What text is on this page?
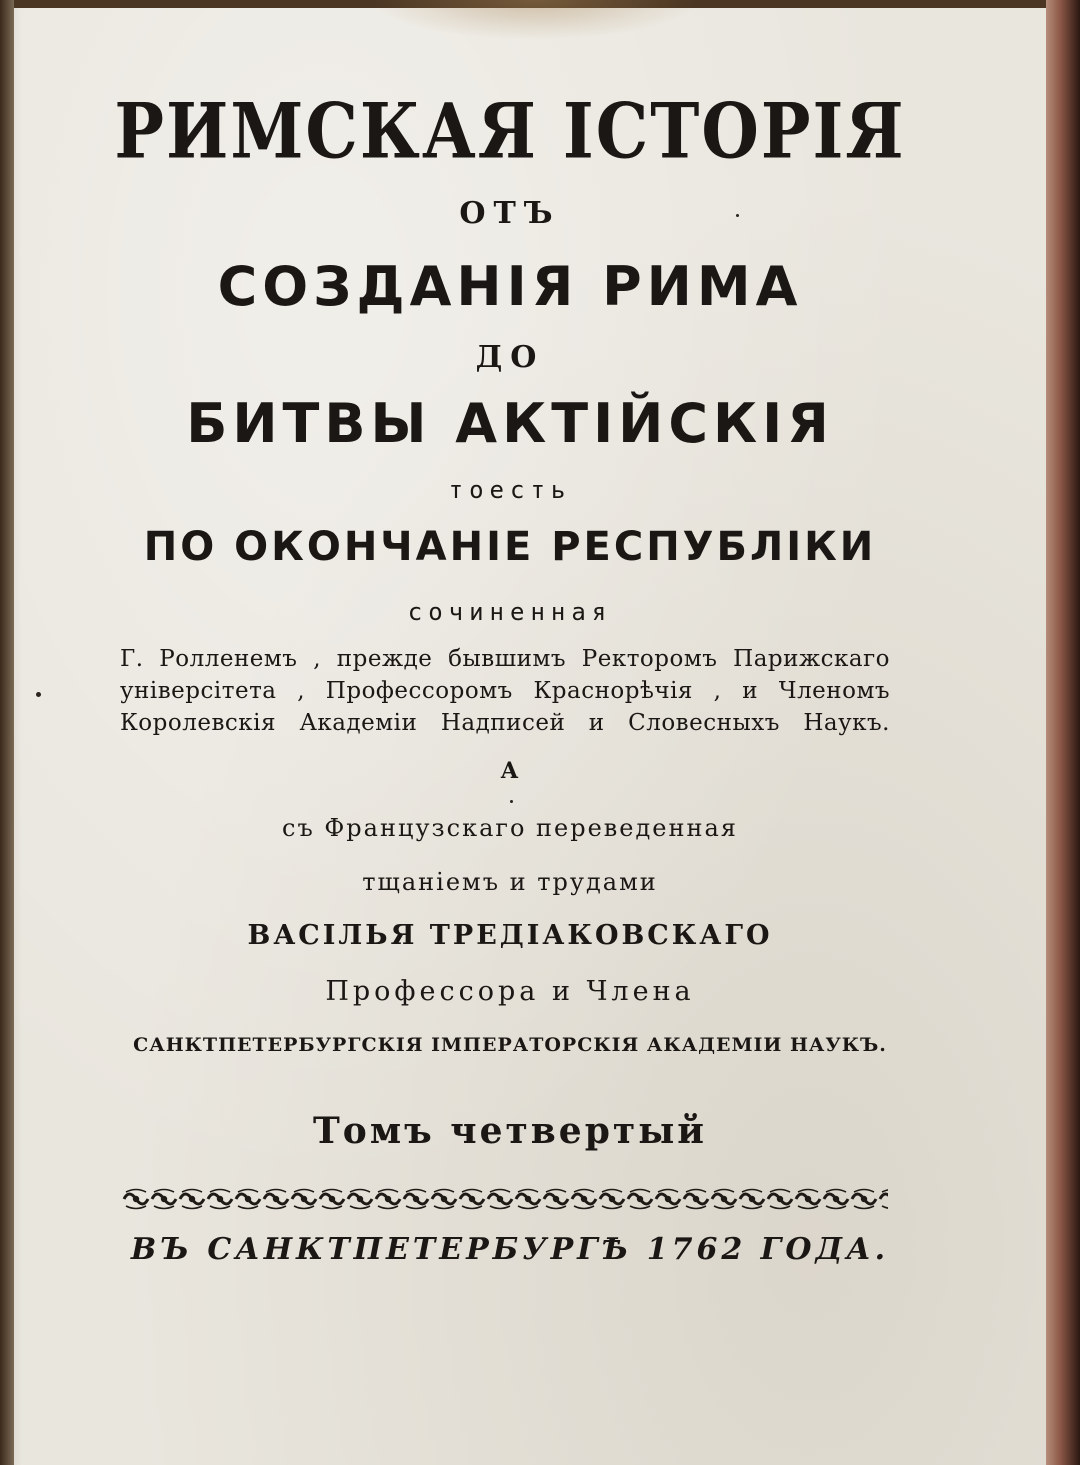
РИМСКАЯ ІСТОРІЯ
ОТЪ
СОЗДАНІЯ РИМА
ДО
БИТВЫ АКТІЙСКІЯ
тоесть
ПО ОКОНЧАНІЕ РЕСПУБЛІКИ
сочиненная
Г. Ролленемъ , прежде бывшимъ Ректоромъ Парижскаго
універсітета , Профессоромъ Краснорѣчія , и Членомъ
Королевскія Академіи Надписей и Словесныхъ Наукъ.
А
съ Французскаго переведенная
тщаніемъ и трудами
ВАСІЛЬЯ ТРЕДІАКОВСКАГО
Профессора и Члена
САНКТПЕТЕРБУРГСКІЯ ІМПЕРАТОРСКІЯ АКАДЕМІИ НАУКЪ.
Томъ четвертый
ВЪ САНКТПЕТЕРБУРГѢ 1762 ГОДА.
